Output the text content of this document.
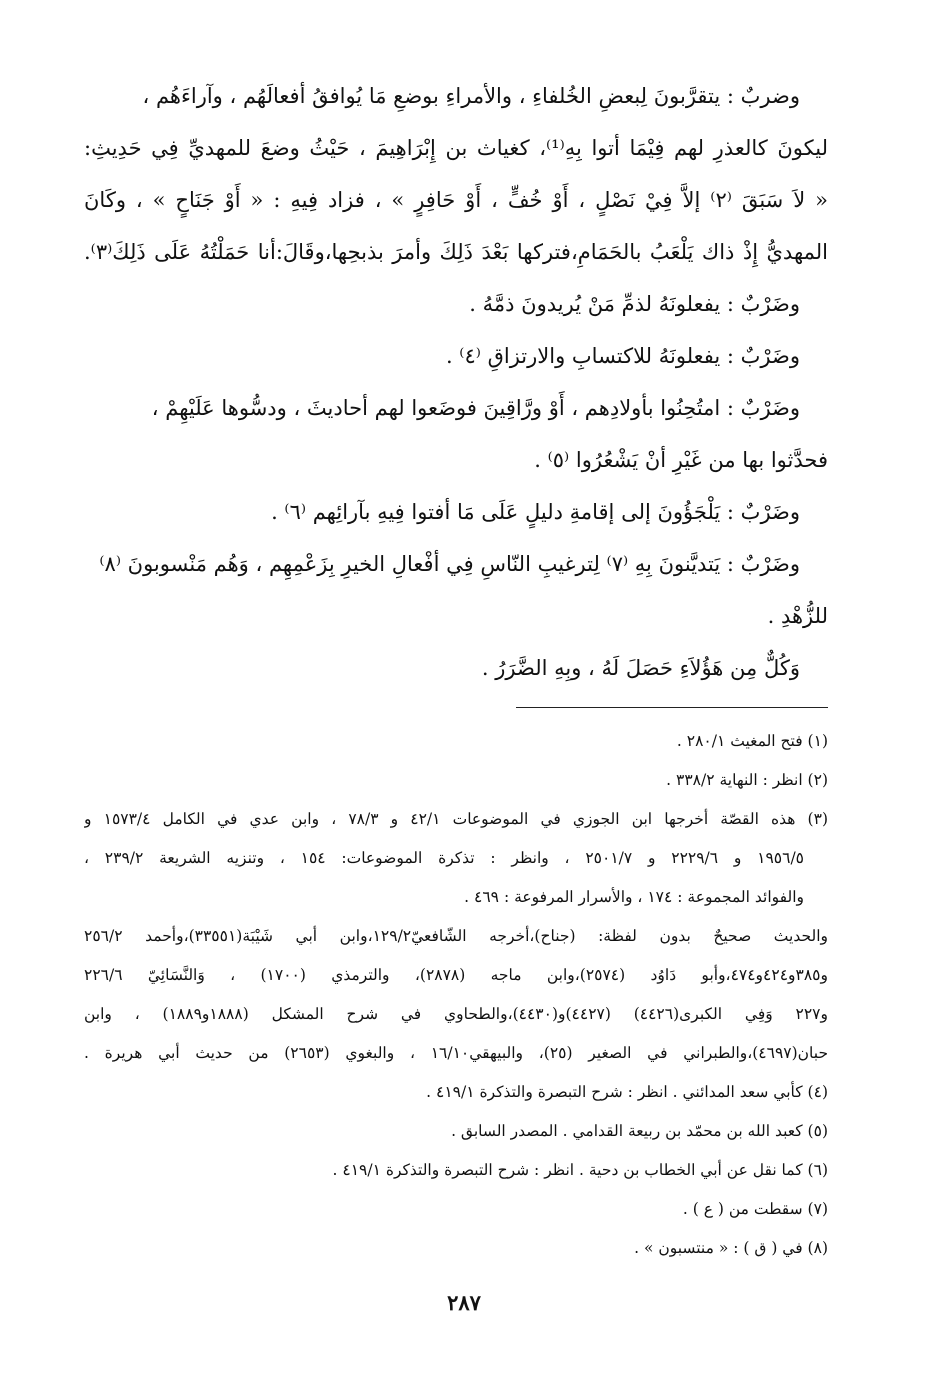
وضربٌ : يتقرَّبونَ لِبعضِ الخُلفاءِ ، والأمراءِ بوضعِ مَا يُوافقُ أفعالَهُم ، وآراءَهُم ،
ليكونَ كالعذرِ لهم فِيْمَا أتوا بِهِ⁽¹⁾، كغياث بن إِبْرَاهِيمَ ، حَيْثُ وضعَ للمهديِّ فِي حَدِيثِ:
« لاَ سَبَقَ ⁽٢⁾ إلاَّ فِيْ نَصْلٍ ، أَوْ خُفٍّ ، أَوْ حَافِرٍ » ، فزاد فِيهِ : « أَوْ جَنَاحٍ » ، وكَانَ
المهديُّ إِذْ ذاك يَلْعَبُ بالحَمَامِ،فتركها بَعْدَ ذَلِكَ وأمرَ بذبحِها،وقَالَ:أنا حَمَلْتُهُ عَلَى ذَلِكَ⁽٣⁾.
وضَرْبٌ : يفعلونَهُ لذمِّ مَنْ يُريدونَ ذمَّهُ .
وضَرْبٌ : يفعلونَهُ للاكتسابِ والارتزاقِ ⁽٤⁾ .
وضَرْبٌ : امتُحِنُوا بأولادِهم ، أَوْ ورَّاقِينَ فوضَعوا لهم أحاديثَ ، ودسُّوها عَلَيْهِمْ ،
فحدَّثوا بها من غَيْرِ أنْ يَشْعُرُوا ⁽٥⁾ .
وضَرْبٌ : يَلْجَؤُونَ إلى إقامةِ دليلٍ عَلَى مَا أفتوا فِيهِ بآرائِهم ⁽٦⁾ .
وضَرْبٌ : يَتديَّنونَ بِهِ ⁽٧⁾ لِترغيبِ النّاسِ فِي أفْعالِ الخيرِ بِزَعْمِهِم ، وَهُم مَنْسوبونَ ⁽٨⁾
للزُّهْدِ .
وَكُلٌّ مِن هَؤُلاَءِ حَصَلَ لَهُ ، وبِهِ الضَّرَرُ .
(١) فتح المغيث ٢٨٠/١ .
(٢) انظر : النهاية ٣٣٨/٢ .
(٣) هذه القصّة أخرجها ابن الجوزي في الموضوعات ٤٢/١ و ٧٨/٣ ، وابن عدي في الكامل ١٥٧٣/٤ و
١٩٥٦/٥ و ٢٢٢٩/٦ و ٢٥٠١/٧ ، وانظر : تذكرة الموضوعات: ١٥٤ ، وتنزيه الشريعة ٢٣٩/٢ ،
والفوائد المجموعة : ١٧٤ ، والأسرار المرفوعة : ٤٦٩ .
والحديث صحيحٌ بدون لفظة: (جناح)،أخرجه الشّافعيّ١٢٩/٢،وابن أبي شَيْبَة(٣٣٥٥١)،وأحمد ٢٥٦/٢
و٣٨٥و٤٢٤و٤٧٤،وأبو دَاوُد (٢٥٧٤)،وابن ماجه (٢٨٧٨)، والترمذي (١٧٠٠) ، وَالنَّسَائِيّ ٢٢٦/٦
و٢٢٧ وَفِي الكبرى(٤٤٢٦) (٤٤٢٧)و(٤٤٣٠)،والطحاوي في شرح المشكل (١٨٨٨و١٨٨٩) ، وابن
حبان(٤٦٩٧)،والطبراني في الصغير (٢٥)، والبيهقي١٦/١٠ ، والبغوي (٢٦٥٣) من حديث أبي هريرة .
(٤) كأبي سعد المدائني . انظر : شرح التبصرة والتذكرة ٤١٩/١ .
(٥) كعبد الله بن محمّد بن ربيعة القدامي . المصدر السابق .
(٦) كما نقل عن أبي الخطاب بن دحية . انظر : شرح التبصرة والتذكرة ٤١٩/١ .
(٧) سقطت من ( ع ) .
(٨) في ( ق ) : « منتسبون » .
٢٨٧
